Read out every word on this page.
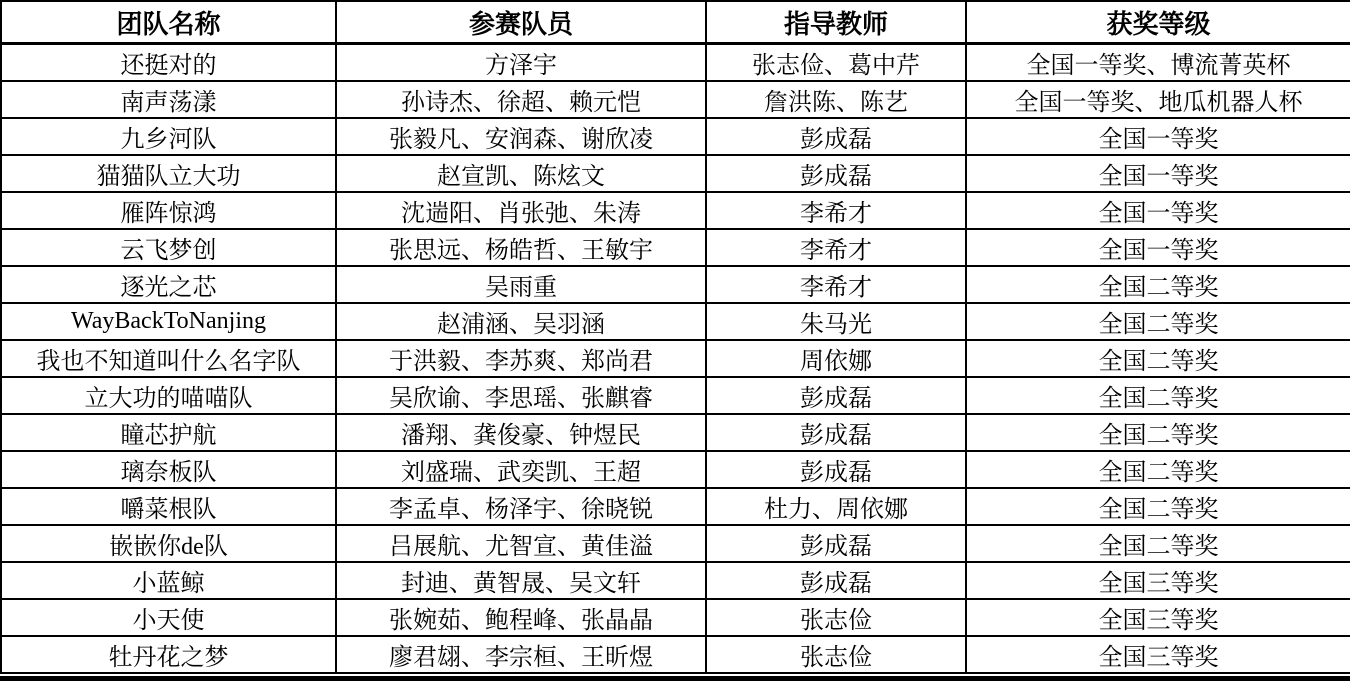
团队名称	参赛队员	指导教师	获奖等级
还挺对的	方泽宇	张志俭、葛中芹	全国一等奖、博流菁英杯
南声荡漾	孙诗杰、徐超、赖元恺	詹洪陈、陈艺	全国一等奖、地瓜机器人杯
九乡河队	张毅凡、安润森、谢欣凌	彭成磊	全国一等奖
猫猫队立大功	赵宣凯、陈炫文	彭成磊	全国一等奖
雁阵惊鸿	沈遄阳、肖张弛、朱涛	李希才	全国一等奖
云飞梦创	张思远、杨皓哲、王敏宇	李希才	全国一等奖
逐光之芯	吴雨重	李希才	全国二等奖
WayBackToNanjing	赵浦涵、吴羽涵	朱马光	全国二等奖
我也不知道叫什么名字队	于洪毅、李苏爽、郑尚君	周依娜	全国二等奖
立大功的喵喵队	吴欣谕、李思瑶、张麒睿	彭成磊	全国二等奖
瞳芯护航	潘翔、龚俊豪、钟煜民	彭成磊	全国二等奖
璃奈板队	刘盛瑞、武奕凯、王超	彭成磊	全国二等奖
嚼菜根队	李孟卓、杨泽宇、徐晓锐	杜力、周依娜	全国二等奖
嵌嵌你de队	吕展航、尤智宣、黄佳溢	彭成磊	全国二等奖
小蓝鲸	封迪、黄智晟、吴文轩	彭成磊	全国三等奖
小天使	张婉茹、鲍程峰、张晶晶	张志俭	全国三等奖
牡丹花之梦	廖君翃、李宗桓、王昕煜	张志俭	全国三等奖
